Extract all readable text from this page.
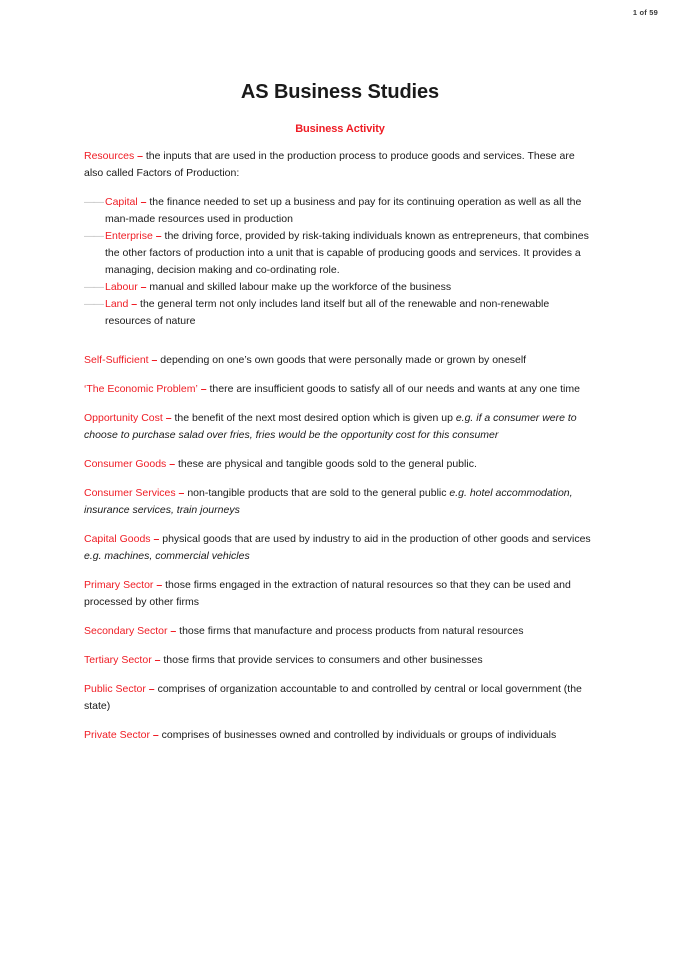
1 of 59
AS Business Studies
Business Activity

Resources – the inputs that are used in the production process to produce goods and services. These are also called Factors of Production:

—— Capital – the finance needed to set up a business and pay for its continuing operation as well as all the man-made resources used in production
—— Enterprise – the driving force, provided by risk-taking individuals known as entrepreneurs, that combines the other factors of production into a unit that is capable of producing goods and services. It provides a managing, decision making and co-ordinating role.
—— Labour – manual and skilled labour make up the workforce of the business
—— Land – the general term not only includes land itself but all of the renewable and non-renewable resources of nature

Self-Sufficient – depending on one’s own goods that were personally made or grown by oneself

‘The Economic Problem’ – there are insufficient goods to satisfy all of our needs and wants at any one time

Opportunity Cost – the benefit of the next most desired option which is given up e.g. if a consumer were to choose to purchase salad over fries, fries would be the opportunity cost for this consumer

Consumer Goods – these are physical and tangible goods sold to the general public.

Consumer Services – non-tangible products that are sold to the general public e.g. hotel accommodation, insurance services, train journeys

Capital Goods – physical goods that are used by industry to aid in the production of other goods and services e.g. machines, commercial vehicles

Primary Sector – those firms engaged in the extraction of natural resources so that they can be used and processed by other firms

Secondary Sector – those firms that manufacture and process products from natural resources

Tertiary Sector – those firms that provide services to consumers and other businesses

Public Sector – comprises of organization accountable to and controlled by central or local government (the state)

Private Sector – comprises of businesses owned and controlled by individuals or groups of individuals
